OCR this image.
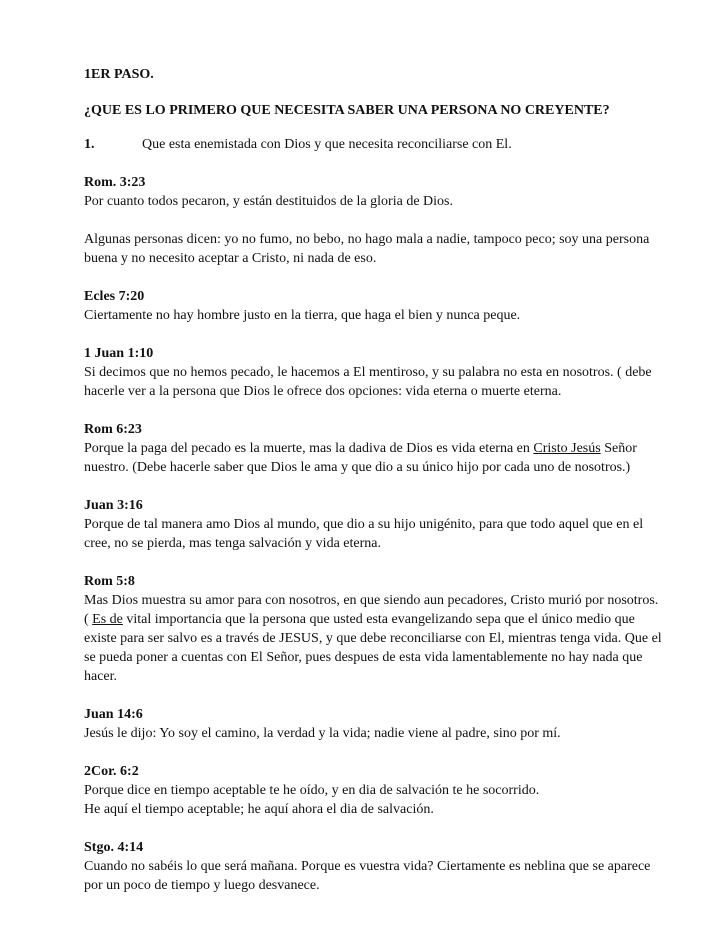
1ER PASO.

¿QUE ES LO PRIMERO QUE NECESITA SABER UNA PERSONA NO CREYENTE?

1.	Que esta enemistada con Dios y que necesita reconciliarse con El.
Rom. 3:23

Por cuanto todos pecaron, y están destituidos de la gloria de Dios.

Algunas personas dicen: yo no fumo, no bebo, no hago mala a nadie, tampoco peco; soy una persona buena y no necesito aceptar a Cristo, ni nada de eso.

Ecles 7:20

Ciertamente no hay hombre justo en la tierra, que haga el bien y nunca peque.

1 Juan 1:10

Si decimos que no hemos pecado, le hacemos a El mentiroso, y su palabra no esta en nosotros. ( debe hacerle ver a la persona que Dios le ofrece dos opciones: vida eterna o muerte eterna.

Rom 6:23

Porque la paga del pecado es la muerte, mas la dadiva de Dios es vida eterna en Cristo Jesús Señor nuestro. (Debe hacerle saber que Dios le ama y que dio a su único hijo por cada uno de nosotros.)

Juan 3:16

Porque de tal manera amo Dios al mundo, que dio a su hijo unigénito, para que todo aquel que en el cree, no se pierda, mas tenga salvación y vida eterna.

Rom 5:8

Mas Dios muestra su amor para con nosotros, en que siendo aun pecadores, Cristo murió por nosotros. ( Es de vital importancia que la persona que usted esta evangelizando sepa que el único medio que existe para ser salvo es a través de JESUS, y que debe reconciliarse con El, mientras tenga vida. Que el se pueda poner a cuentas con El Señor, pues despues de esta vida lamentablemente no hay nada que hacer.

Juan 14:6

Jesús le dijo: Yo soy el camino, la verdad y la vida; nadie viene al padre, sino por mí.

2Cor. 6:2

Porque dice en tiempo aceptable te he oído, y en dia de salvación te he socorrido.

He aquí el tiempo aceptable; he aquí ahora el dia de salvación.

Stgo. 4:14

Cuando no sabéis lo que será mañana. Porque es vuestra vida? Ciertamente es neblina que se aparece por un poco de tiempo y luego desvanece.
